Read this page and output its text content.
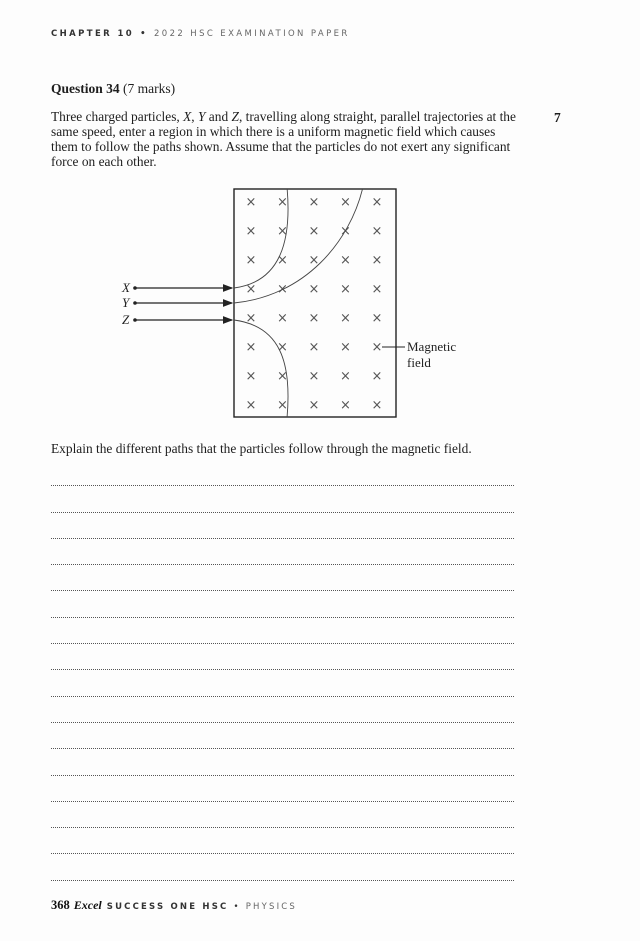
CHAPTER 10 • 2022 HSC EXAMINATION PAPER
Question 34 (7 marks)
7
Three charged particles, X, Y and Z, travelling along straight, parallel trajectories at the same speed, enter a region in which there is a uniform magnetic field which causes them to follow the paths shown. Assume that the particles do not exert any significant force on each other.
× × × × ×
× × × × ×
× × × × ×
× × × × ×
× × × × ×
× × × × ×
× × × × ×
× × × × ×
X
Y
Z
Magnetic
field
Explain the different paths that the particles follow through the magnetic field.
368 Excel SUCCESS ONE HSC • PHYSICS
